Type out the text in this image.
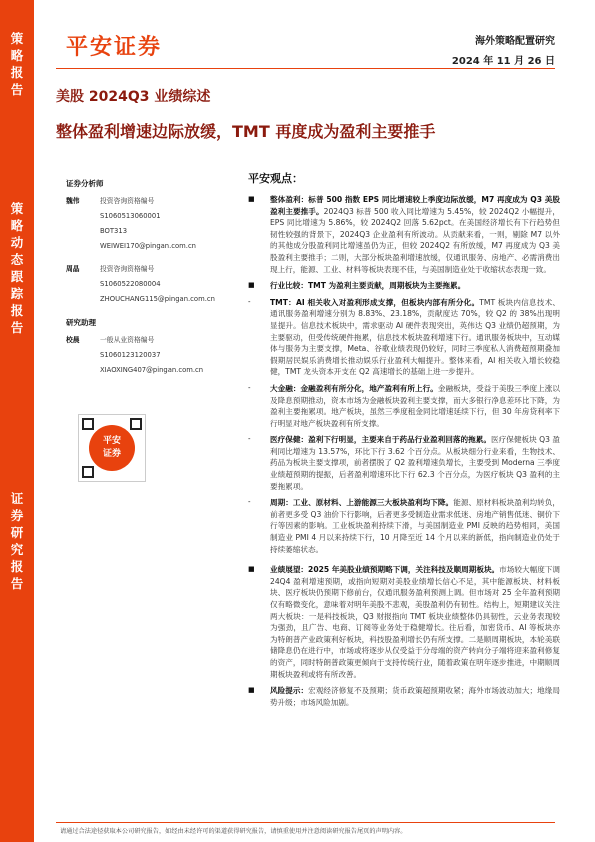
策
略
报
告
策
略
动
态
跟
踪
报
告
证
券
研
究
报
告
平安证券	海外策略配置研究
2024 年 11 月 26 日
美股 2024Q3 业绩综述
整体盈利增速边际放缓，TMT 再度成为盈利主要推手
证券分析师
魏伟	投资咨询资格编号
S1060513060001
BOT313
WEIWEI170@pingan.com.cn
周晶	投资咨询资格编号
S1060522080004
ZHOUCHANG115@pingan.com.cn
研究助理
校晨	一般从业资格编号
S1060123120037
XIAOXING407@pingan.com.cn
平安
证券
平安观点：
■ 整体盈利：标普 500 指数 EPS 同比增速较上季度边际放缓，M7 再度成为 Q3 美股盈利主要推手。2024Q3 标普 500 收入同比增速为 5.45%，较 2024Q2 小幅提升，EPS 同比增速为 5.86%，较 2024Q2 回落 5.62pct。在美国经济增长有下行趋势但韧性较强的背景下，2024Q3 企业盈利有所波动。从贡献来看，一则，剔除 M7 以外的其他成分股盈利同比增速虽仍为正，但较 2024Q2 有所放缓，M7 再度成为 Q3 美股盈利主要推手；二则，大部分板块盈利增速放缓，仅通讯服务、房地产、必需消费出现上行，能源、工业、材料等板块表现不佳，与美国制造业处于收缩状态表现一致。
■ 行业比较：TMT 为盈利主要贡献，周期板块为主要拖累。
-	TMT：AI 相关收入对盈利形成支撑，但板块内部有所分化。TMT 板块内信息技术、通讯服务盈利增速分别为 8.83%、23.18%，贡献度达 70%，较 Q2 的 38%出现明显提升。信息技术板块中，需求驱动 AI 硬件表现突出，英伟达 Q3 业绩仍超预期，为主要驱动，但受传统硬件拖累，信息技术板块盈利增速下行。通讯服务板块中，互动媒体与服务为主要支撑，Meta、谷歌业绩表现仍较好，同时三季度私人消费超预期叠加假期居民娱乐消费增长推动娱乐行业盈利大幅提升。整体来看，AI 相关收入增长较稳健，TMT 龙头资本开支在 Q2 高速增长的基础上进一步提升。
-	大金融：金融盈利有所分化，地产盈利有所上行。金融板块，受益于美股三季度上涨以及降息预期推动，资本市场为金融板块盈利主要支撑，而大多银行净息差环比下降，为盈利主要拖累项。地产板块，虽然三季度租金同比增速延续下行，但 30 年房贷利率下行明显对地产板块盈利有所支撑。
-	医疗保健：盈利下行明显，主要来自于药品行业盈利回落的拖累。医疗保健板块 Q3 盈利同比增速为 13.57%，环比下行 3.62 个百分点。从板块细分行业来看，生物技术、药品为板块主要支撑项，前者摆脱了 Q2 盈利增速负增长，主要受到 Moderna 三季度业绩超预期的提振，后者盈利增速环比下行 62.3 个百分点，为医疗板块 Q3 盈利的主要拖累项。
-	周期：工业、原材料、上游能源三大板块盈利均下降。能源、原材料板块盈利均转负，前者更多受 Q3 油价下行影响，后者更多受制造业需求低迷、房地产销售低迷、铜价下行等因素的影响。工业板块盈利持续下滑，与美国制造业 PMI 反映的趋势相同，美国制造业 PMI 4 月以来持续下行，10 月降至近 14 个月以来的新低，指向制造业仍处于持续萎缩状态。
■ 业绩展望：2025 年美股业绩预期略下调，关注科技及顺周期板块。市场较大幅度下调 24Q4 盈利增速预期，或指向短期对美股业绩增长信心不足，其中能源板块、材料板块、医疗板块仍预期下修前台，仅通讯服务盈利预测上调。但市场对 25 全年盈利预期仅有略微变化，意味着对明年美股不悲观，美股盈利仍有韧性。结构上，短期建议关注两大板块：一是科技板块，Q3 财报指向 TMT 板块业绩整体仍具韧性，云业务表现较为强劲，且广告、电商、订阅等业务处于稳健增长。往后看，加密货币、AI 等板块亦为特朗普产业政策利好板块，科技股盈利增长仍有所支撑。二是顺周期板块，本轮美联储降息仍在进行中，市场或将逐步从仅受益于分母端的资产转向分子端将迎来盈利修复的资产，同时特朗普政策更倾向于支持传统行业，随着政策在明年逐步推进，中期顺周期板块盈利或将有所改善。
■ 风险提示：宏观经济修复不及预期；货币政策超预期收紧；海外市场波动加大；地缘局势升级；市场风险加剧。
请通过合法途径获取本公司研究报告，如经由未经许可的渠道获得研究报告，请慎重使用并注意阅读研究报告尾页的声明内容。
